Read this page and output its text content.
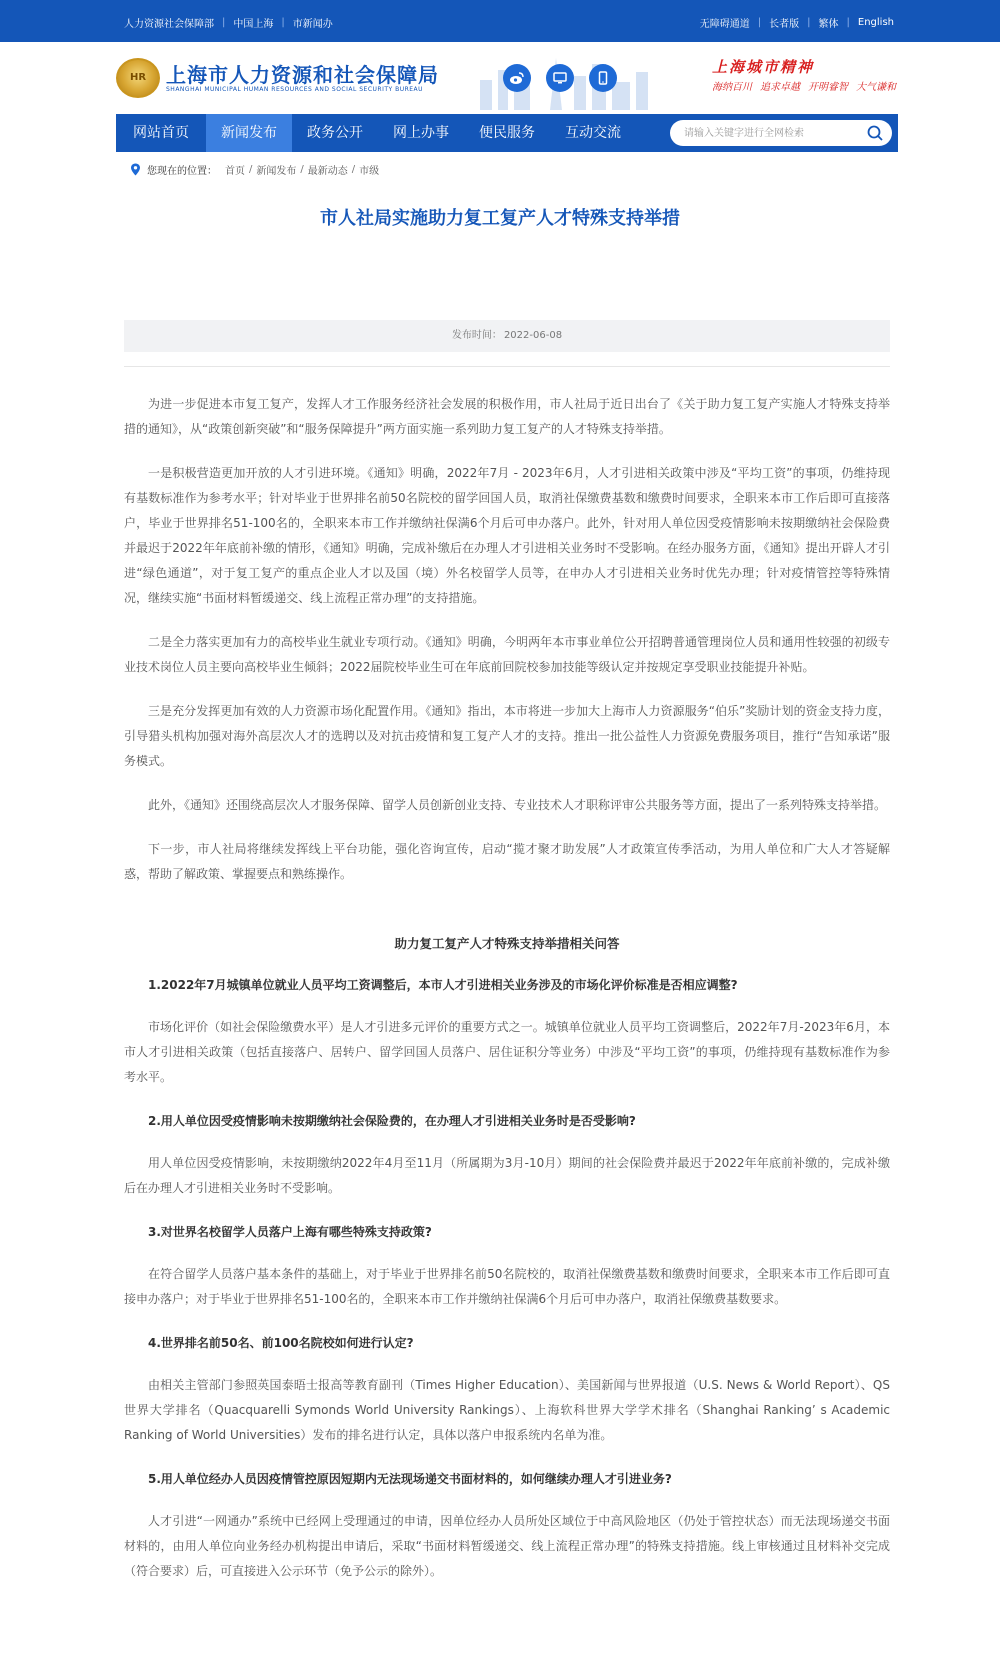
人力资源社会保障部 | 中国上海 | 市新闻办	无障碍通道 | 长者版 | 繁体 | English
HR
上海市人力资源和社会保障局
SHANGHAI MUNICIPAL HUMAN RESOURCES AND SOCIAL SECURITY BUREAU
上海城市精神
海纳百川 追求卓越 开明睿智 大气谦和
网站首页	新闻发布	政务公开	网上办事	便民服务	互动交流
请输入关键字进行全网检索
您现在的位置： 首页 / 新闻发布 / 最新动态 / 市级
市人社局实施助力复工复产人才特殊支持举措
发布时间： 2022-06-08

为进一步促进本市复工复产，发挥人才工作服务经济社会发展的积极作用，市人社局于近日出台了《关于助力复工复产实施人才特殊支持举措的通知》，从“政策创新突破”和“服务保障提升”两方面实施一系列助力复工复产的人才特殊支持举措。

一是积极营造更加开放的人才引进环境。《通知》明确，2022年7月 - 2023年6月，人才引进相关政策中涉及“平均工资”的事项，仍维持现有基数标准作为参考水平；针对毕业于世界排名前50名院校的留学回国人员，取消社保缴费基数和缴费时间要求，全职来本市工作后即可直接落户，毕业于世界排名51-100名的，全职来本市工作并缴纳社保满6个月后可申办落户。此外，针对用人单位因受疫情影响未按期缴纳社会保险费并最迟于2022年年底前补缴的情形，《通知》明确，完成补缴后在办理人才引进相关业务时不受影响。在经办服务方面，《通知》提出开辟人才引进“绿色通道”，对于复工复产的重点企业人才以及国（境）外名校留学人员等，在申办人才引进相关业务时优先办理；针对疫情管控等特殊情况，继续实施“书面材料暂缓递交、线上流程正常办理”的支持措施。

二是全力落实更加有力的高校毕业生就业专项行动。《通知》明确，今明两年本市事业单位公开招聘普通管理岗位人员和通用性较强的初级专业技术岗位人员主要向高校毕业生倾斜；2022届院校毕业生可在年底前回院校参加技能等级认定并按规定享受职业技能提升补贴。

三是充分发挥更加有效的人力资源市场化配置作用。《通知》指出，本市将进一步加大上海市人力资源服务“伯乐”奖励计划的资金支持力度，引导猎头机构加强对海外高层次人才的选聘以及对抗击疫情和复工复产人才的支持。推出一批公益性人力资源免费服务项目，推行“告知承诺”服务模式。

此外，《通知》还围绕高层次人才服务保障、留学人员创新创业支持、专业技术人才职称评审公共服务等方面，提出了一系列特殊支持举措。

下一步，市人社局将继续发挥线上平台功能，强化咨询宣传，启动“揽才聚才助发展”人才政策宣传季活动，为用人单位和广大人才答疑解惑，帮助了解政策、掌握要点和熟练操作。

助力复工复产人才特殊支持举措相关问答

1.2022年7月城镇单位就业人员平均工资调整后，本市人才引进相关业务涉及的市场化评价标准是否相应调整?

市场化评价（如社会保险缴费水平）是人才引进多元评价的重要方式之一。城镇单位就业人员平均工资调整后，2022年7月-2023年6月，本市人才引进相关政策（包括直接落户、居转户、留学回国人员落户、居住证积分等业务）中涉及“平均工资”的事项，仍维持现有基数标准作为参考水平。

2.用人单位因受疫情影响未按期缴纳社会保险费的，在办理人才引进相关业务时是否受影响?

用人单位因受疫情影响，未按期缴纳2022年4月至11月（所属期为3月-10月）期间的社会保险费并最迟于2022年年底前补缴的，完成补缴后在办理人才引进相关业务时不受影响。

3.对世界名校留学人员落户上海有哪些特殊支持政策?

在符合留学人员落户基本条件的基础上，对于毕业于世界排名前50名院校的，取消社保缴费基数和缴费时间要求，全职来本市工作后即可直接申办落户；对于毕业于世界排名51-100名的，全职来本市工作并缴纳社保满6个月后可申办落户，取消社保缴费基数要求。

4.世界排名前50名、前100名院校如何进行认定?

由相关主管部门参照英国泰晤士报高等教育副刊（Times Higher Education）、美国新闻与世界报道（U.S. News & World Report）、QS世界大学排名（Quacquarelli Symonds World University Rankings）、上海软科世界大学学术排名（Shanghai Ranking’ s Academic Ranking of World Universities）发布的排名进行认定，具体以落户申报系统内名单为准。

5.用人单位经办人员因疫情管控原因短期内无法现场递交书面材料的，如何继续办理人才引进业务?

人才引进“一网通办”系统中已经网上受理通过的申请，因单位经办人员所处区域位于中高风险地区（仍处于管控状态）而无法现场递交书面材料的，由用人单位向业务经办机构提出申请后，采取“书面材料暂缓递交、线上流程正常办理”的特殊支持措施。线上审核通过且材料补交完成（符合要求）后，可直接进入公示环节（免予公示的除外）。
